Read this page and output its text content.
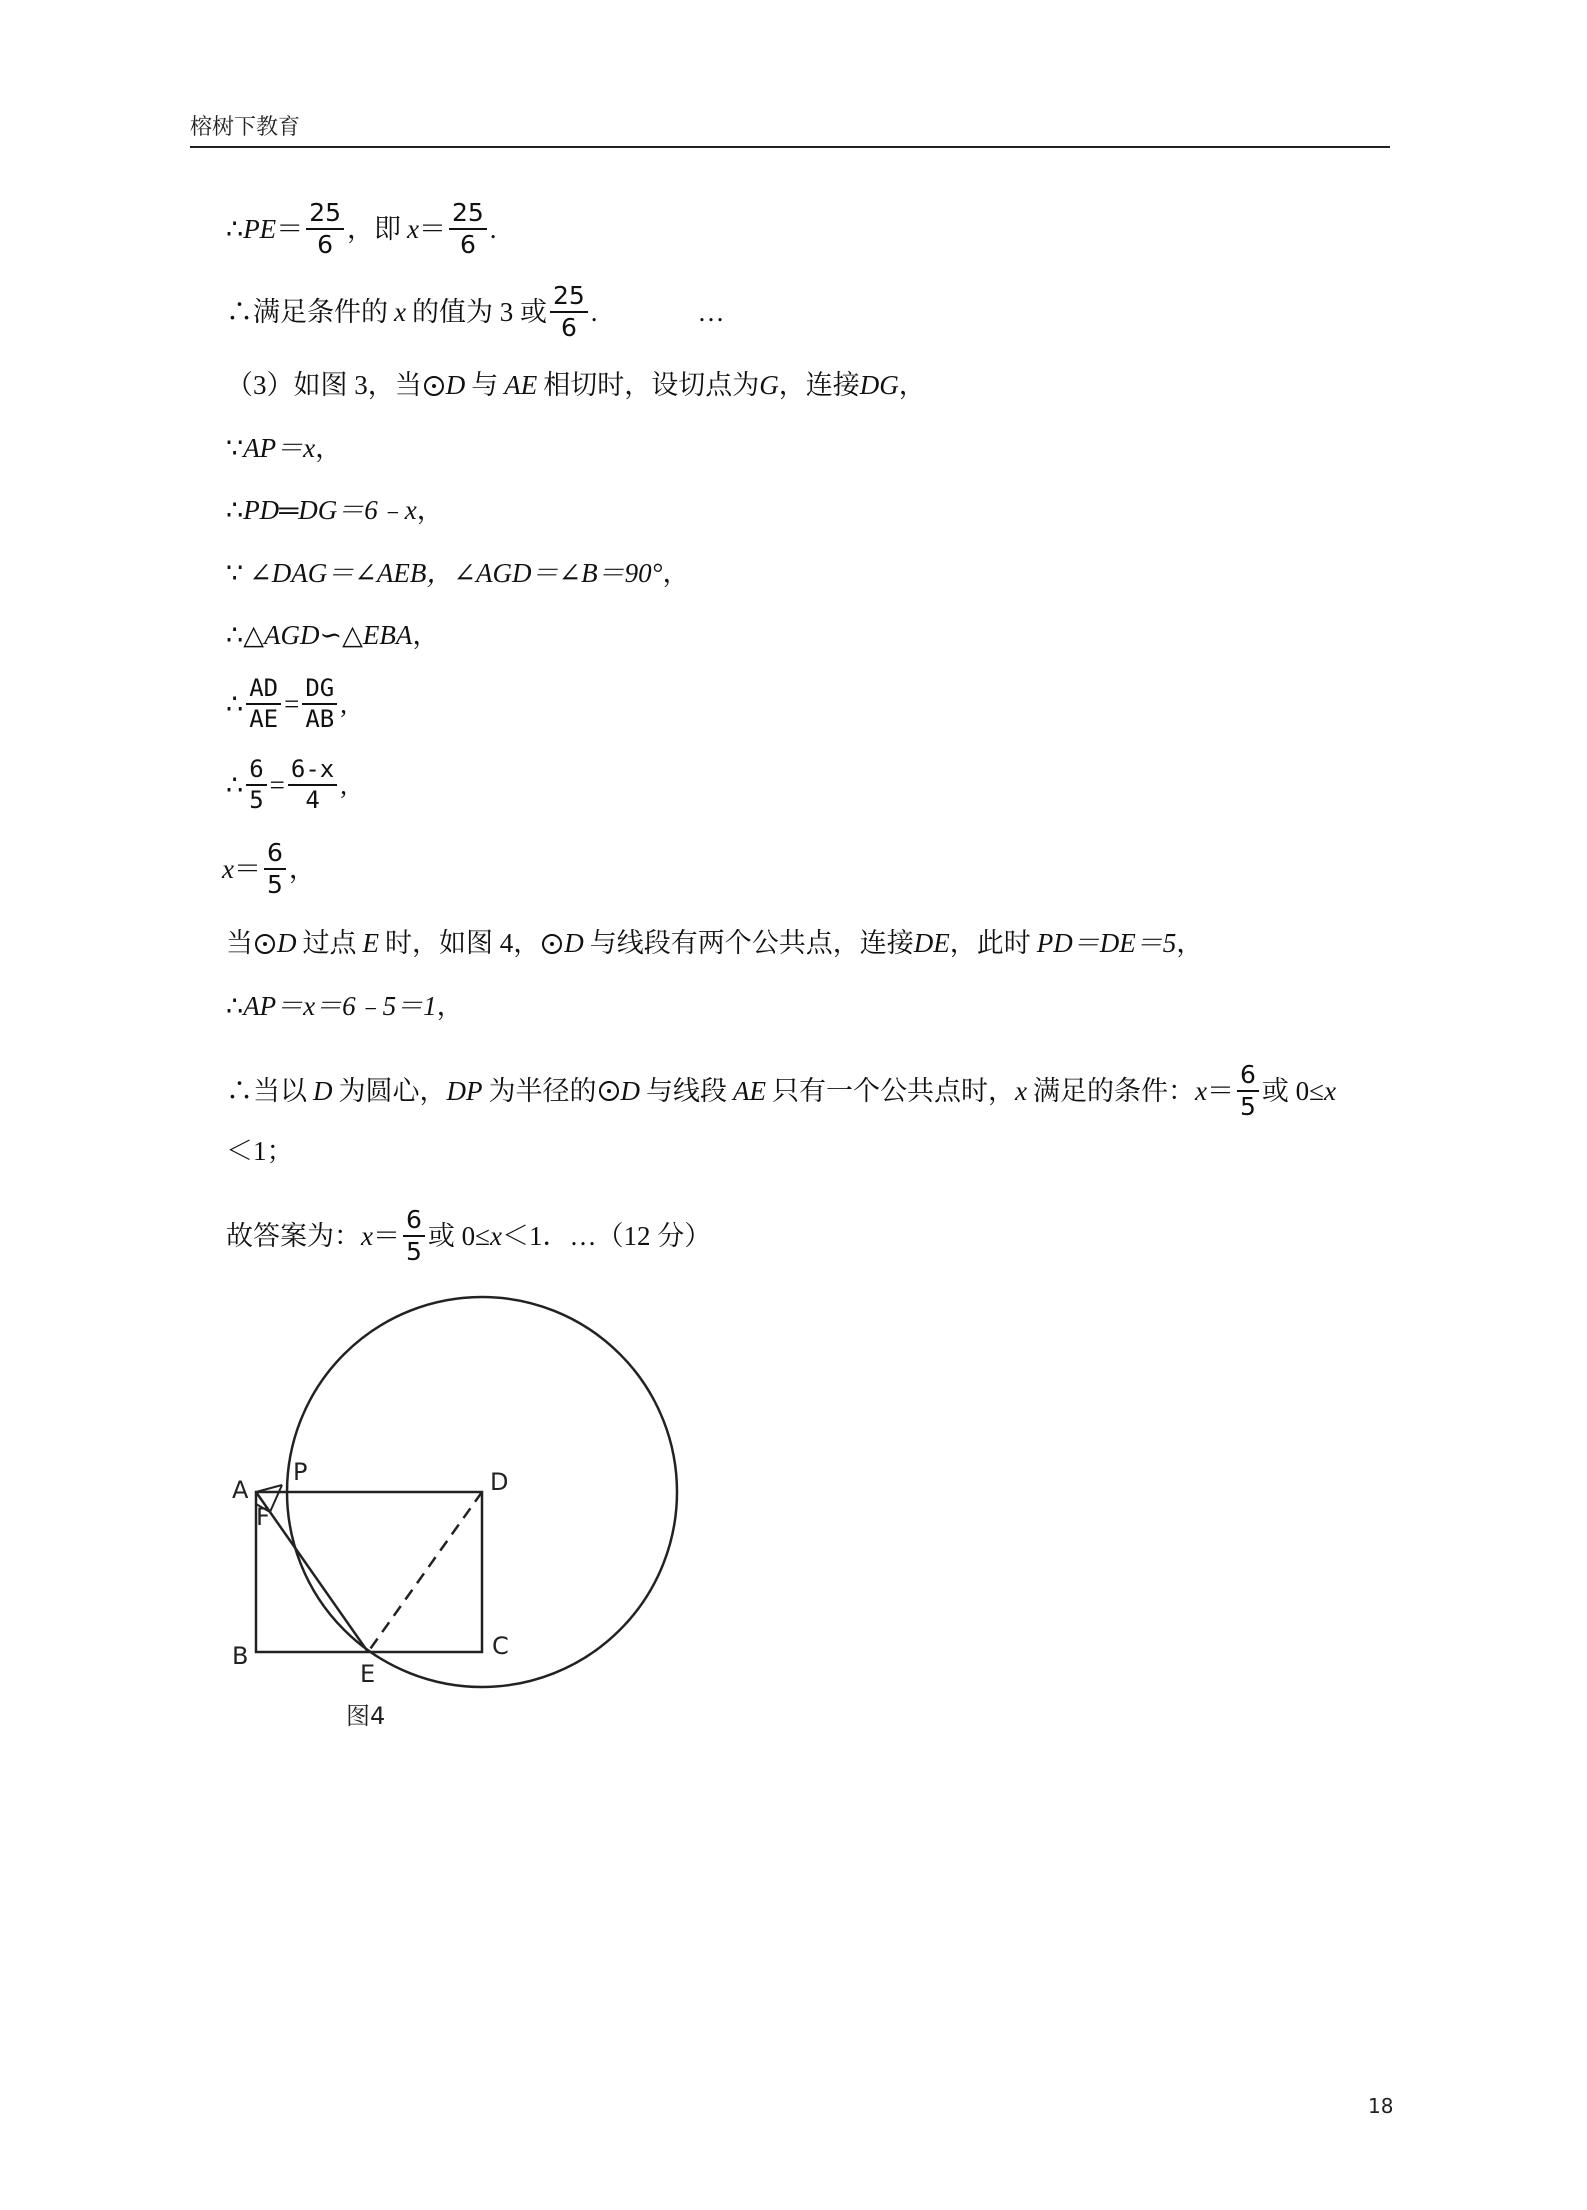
榕树下教育
∴ PE ＝ $\frac{25}{6}$ ，即 $x = \frac{25}{6}$ .
∴满足条件的 x 的值为 3 或 $\frac{25}{6}$ .	…
（3）如图 3，当 D 与 AE 相切时，设切点为 G ，连接 DG ，
∵ AP＝x ，
∴ PD═DG＝6﹣x ，
∵ ∠DAG＝∠AEB，∠AGD＝∠B＝90° ，
∴ △AGD∽△EBA ，
∴ $\frac{AD}{AE} = \frac{DG}{AB}$ ,
∴ $\frac{6}{5} = \frac{6-x}{4}$ ,
$x = \frac{6}{5}$ ，
当 D 过点 E 时，如图 4， D 与线段有两个公共点，连接 DE ，此时 PD＝DE＝5 ，
∴ AP＝x＝6﹣5＝1 ，
∴当以 D 为圆心， DP 为半径的 D 与线段 AE 只有一个公共点时， x 满足的条件： $x = \frac{6}{5}$ 或 0≤ x
＜1；
故答案为： $x = \frac{6}{5}$ 或 0≤ x ＜1．…（12 分）
A
P	D
F
B
E
C
图4
18
